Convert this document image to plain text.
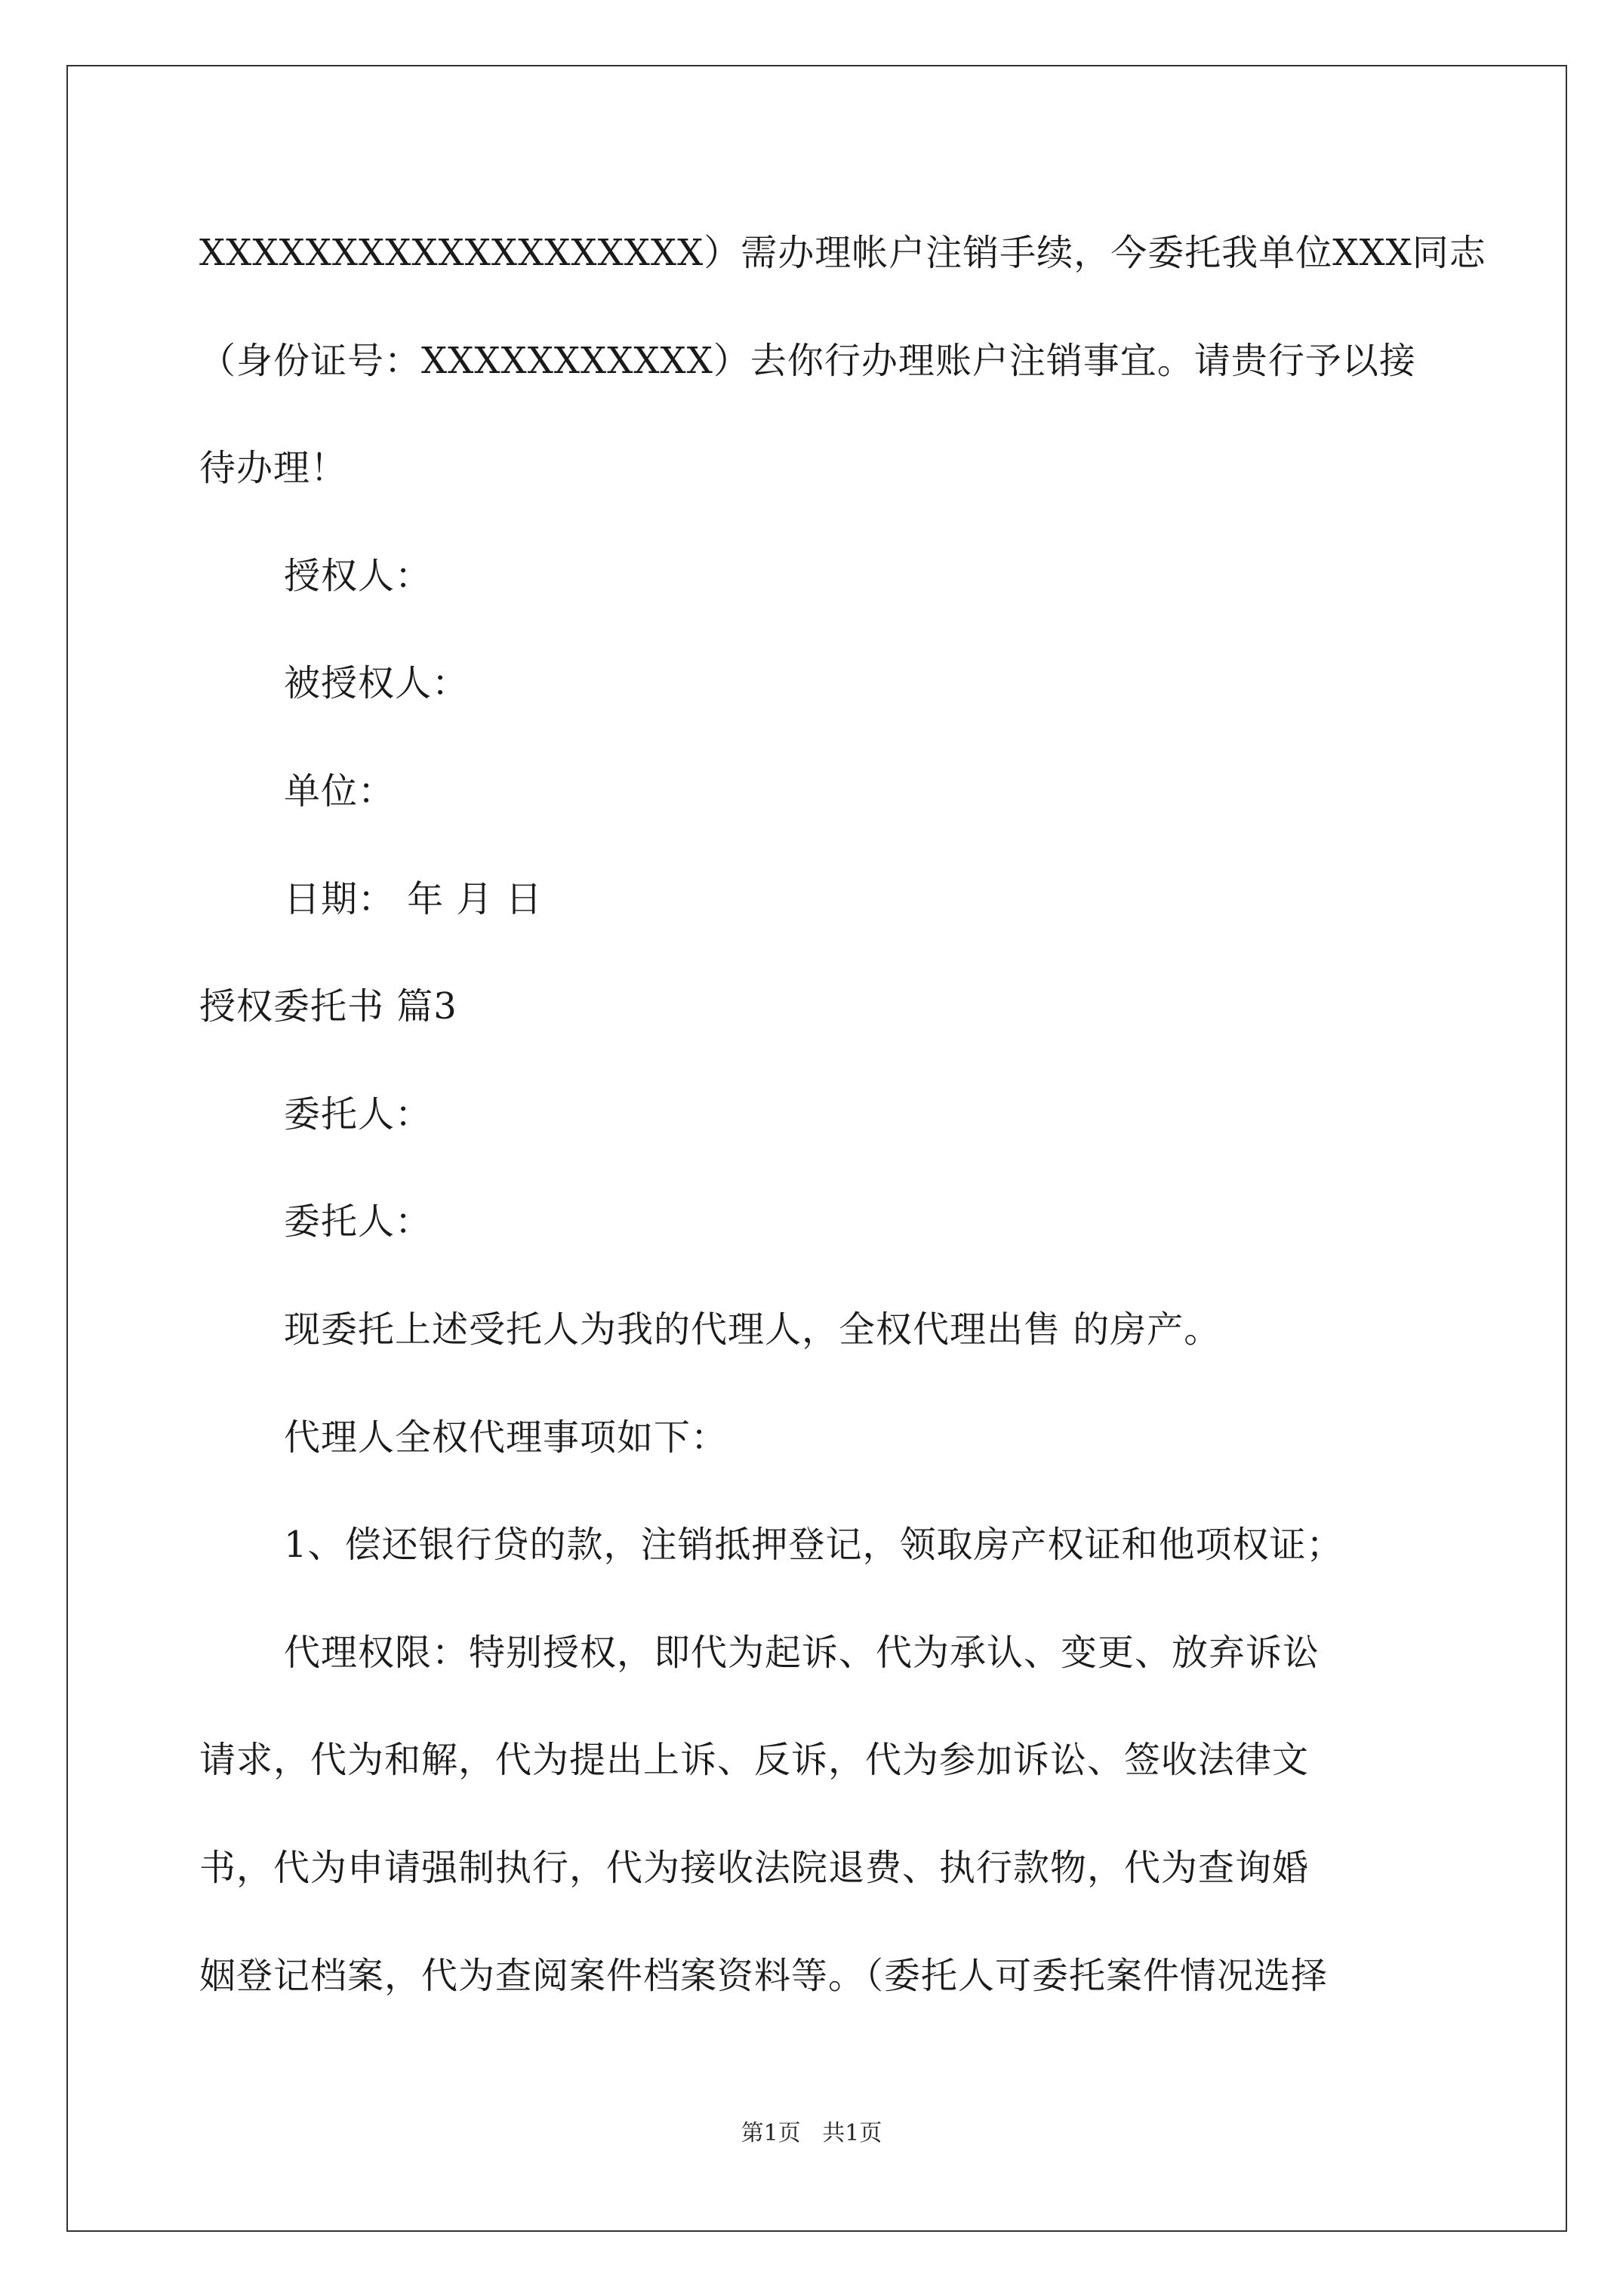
XXXXXXXXXXXXXXXXXXX）需办理帐户注销手续，今委托我单位XXX同志
（身份证号：XXXXXXXXXXX）去你行办理账户注销事宜。请贵行予以接
待办理！
授权人：
被授权人：
单位：
日期： 年 月 日
授权委托书 篇3
委托人：
委托人：
现委托上述受托人为我的代理人，全权代理出售 的房产。
代理人全权代理事项如下：
1、偿还银行贷的款，注销抵押登记，领取房产权证和他项权证；
代理权限：特别授权，即代为起诉、代为承认、变更、放弃诉讼
请求，代为和解，代为提出上诉、反诉，代为参加诉讼、签收法律文
书，代为申请强制执行，代为接收法院退费、执行款物，代为查询婚
姻登记档案，代为查阅案件档案资料等。（委托人可委托案件情况选择
第1页   共1页
